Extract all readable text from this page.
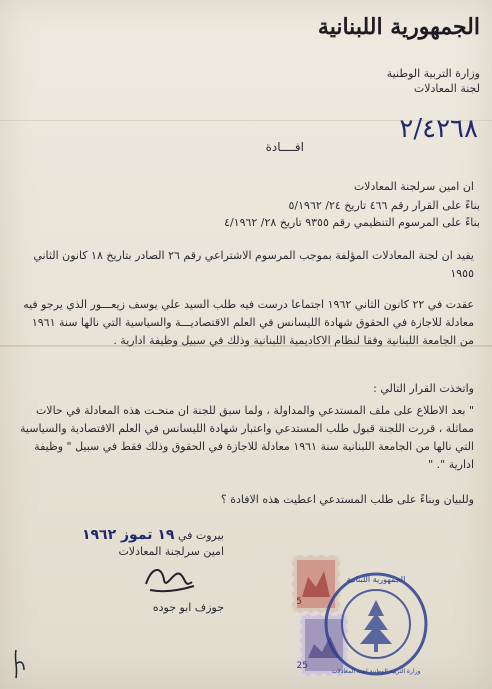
الجمهورية اللبنانية
وزارة التربية الوطنية
لجنة المعادلات
٢/٤٢٦٨
افــــادة
ان امين سرلجنة المعادلات
بناءً على القرار رقم ٤٦٦ تاريخ ٢٤/ ٥/١٩٦٢
بناءً على المرسوم التنظيمي رقم ٩٣٥٥ تاريخ ٢٨/ ٤/١٩٦٢
يفيد ان لجنة المعادلات المؤلفة بموجب المرسوم الاشتراعي رقم ٢٦ الصادر بتاريخ ١٨ كانون الثاني ١٩٥٥
عقدت في ٢٢ كانون الثاني ١٩٦٢ اجتماعا درست فيه طلب السيد علي يوسف زيعـــور الذي يرجو فيه معادلة للاجازة في الحقوق شهادة الليسانس في العلم الاقتصاديـــة والسياسية التي نالها سنة ١٩٦١ من الجامعة اللبنانية وفقا لنظام الاكاديمية اللبنانية وذلك في سبيل وظيفة ادارية .
واتخذت القرار التالي :
" بعد الاطلاع على ملف المستدعي والمداولة ، ولما سبق للجنة ان منحـت هذه المعادلة في حالات مماثلة ، قررت اللجنة قبول طلب المستدعي واعتبار شهادة الليسانس في العلم الاقتصادية والسياسية التي نالها من الجامعة اللبنانية سنة ١٩٦١ معادلة للاجازة في الحقوق وذلك فقط في سبيل " وظيفة ادارية ". "
وللبيان وبناءً على طلب المستدعي اعطيت هذه الافادة ؟
بيروت في ١٩ تموز ١٩٦٢
امين سرلجنة المعادلات
جوزف ابو جوده	5
25
الجمهورية اللبنانية
وزارة التربية الوطنية لجنة المعادلات
